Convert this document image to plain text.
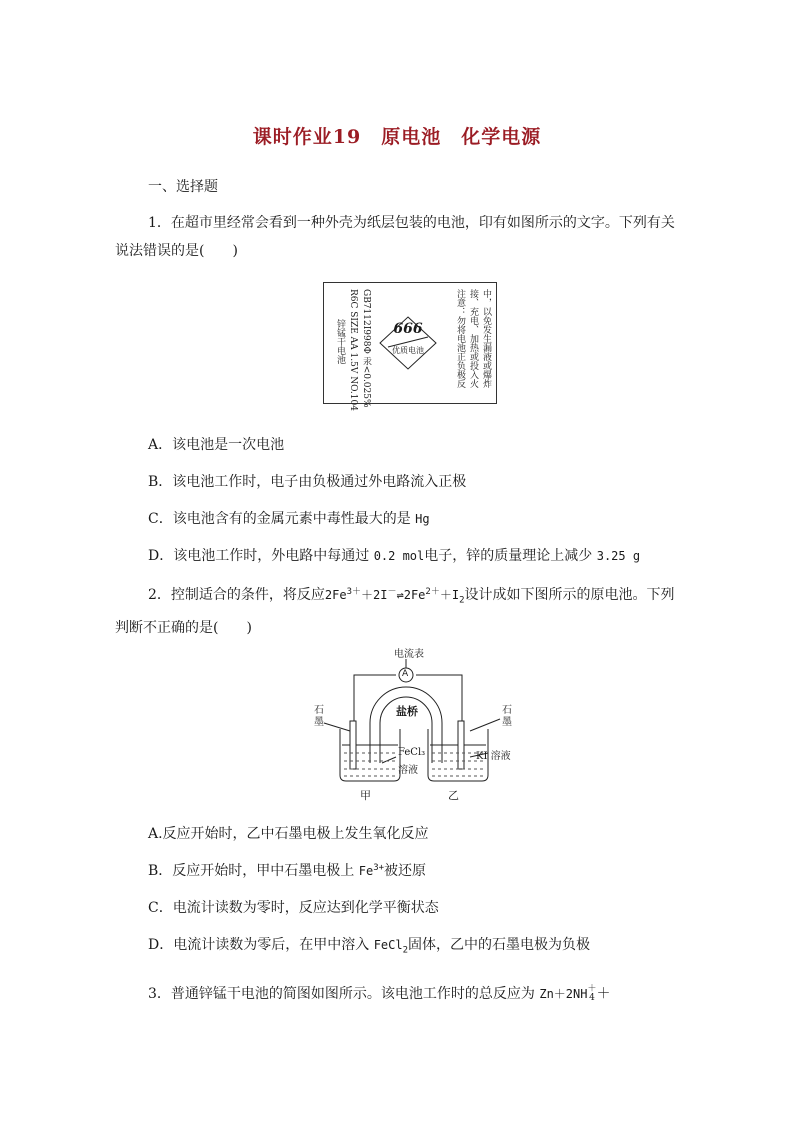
课时作业19　原电池　化学电源
一、选择题
1．在超市里经常会看到一种外壳为纸层包装的电池，印有如图所示的文字。下列有关说法错误的是(　　)
锌锰干电池 R6C SIZE AA 1.5V NO.104 GB7112I998Φ 汞<0.025%	666
优质电池	注意：勿将电池正负极反 接、充电、加热或投入火 中，以免发生漏液或爆炸
A．该电池是一次电池
B．该电池工作时，电子由负极通过外电路流入正极
C．该电池含有的金属元素中毒性最大的是 Hg
D．该电池工作时，外电路中每通过 0.2 mol电子，锌的质量理论上减少 3.25 g
2．控制适合的条件，将反应$2Fe^{3+}+2I^-\rightleftharpoons 2Fe^{2+}+I_2$设计成如下图所示的原电池。下列判断不正确的是(　　)
电流表
A
盐桥
石墨
石墨
FeCl₃
溶液
KI 溶液
甲	乙
A.反应开始时，乙中石墨电极上发生氧化反应
B．反应开始时，甲中石墨电极上 $Fe^{3+}$被还原
C．电流计读数为零时，反应达到化学平衡状态
D．电流计读数为零后，在甲中溶入 FeCl$_2$固体，乙中的石墨电极为负极
3．普通锌锰干电池的简图如图所示。该电池工作时的总反应为 Zn＋2NH＋
4 ＋
